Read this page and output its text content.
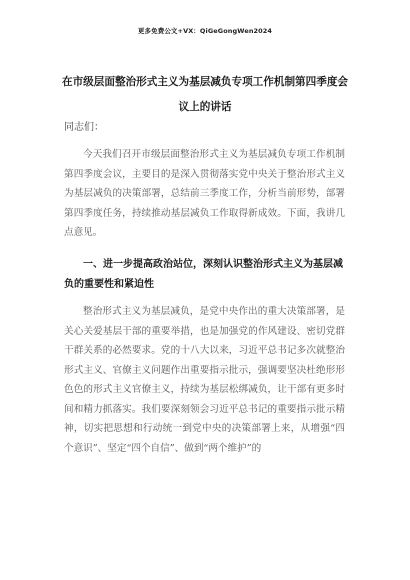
更多免费公文+VX：QiGeGongWen2024
在市级层面整治形式主义为基层减负专项工作机制第四季度会议上的讲话
同志们：
今天我们召开市级层面整治形式主义为基层减负专项工作机制第四季度会议，主要目的是深入贯彻落实党中央关于整治形式主义为基层减负的决策部署，总结前三季度工作，分析当前形势，部署第四季度任务，持续推动基层减负工作取得新成效。下面，我讲几点意见。
一、进一步提高政治站位，深刻认识整治形式主义为基层减负的重要性和紧迫性
整治形式主义为基层减负，是党中央作出的重大决策部署，是关心关爱基层干部的重要举措，也是加强党的作风建设、密切党群干群关系的必然要求。党的十八大以来，习近平总书记多次就整治形式主义、官僚主义问题作出重要指示批示，强调要坚决杜绝形形色色的形式主义官僚主义，持续为基层松绑减负，让干部有更多时间和精力抓落实。我们要深刻领会习近平总书记的重要指示批示精神，切实把思想和行动统一到党中央的决策部署上来，从增强“四个意识”、坚定“四个自信”、做到“两个维护”的
